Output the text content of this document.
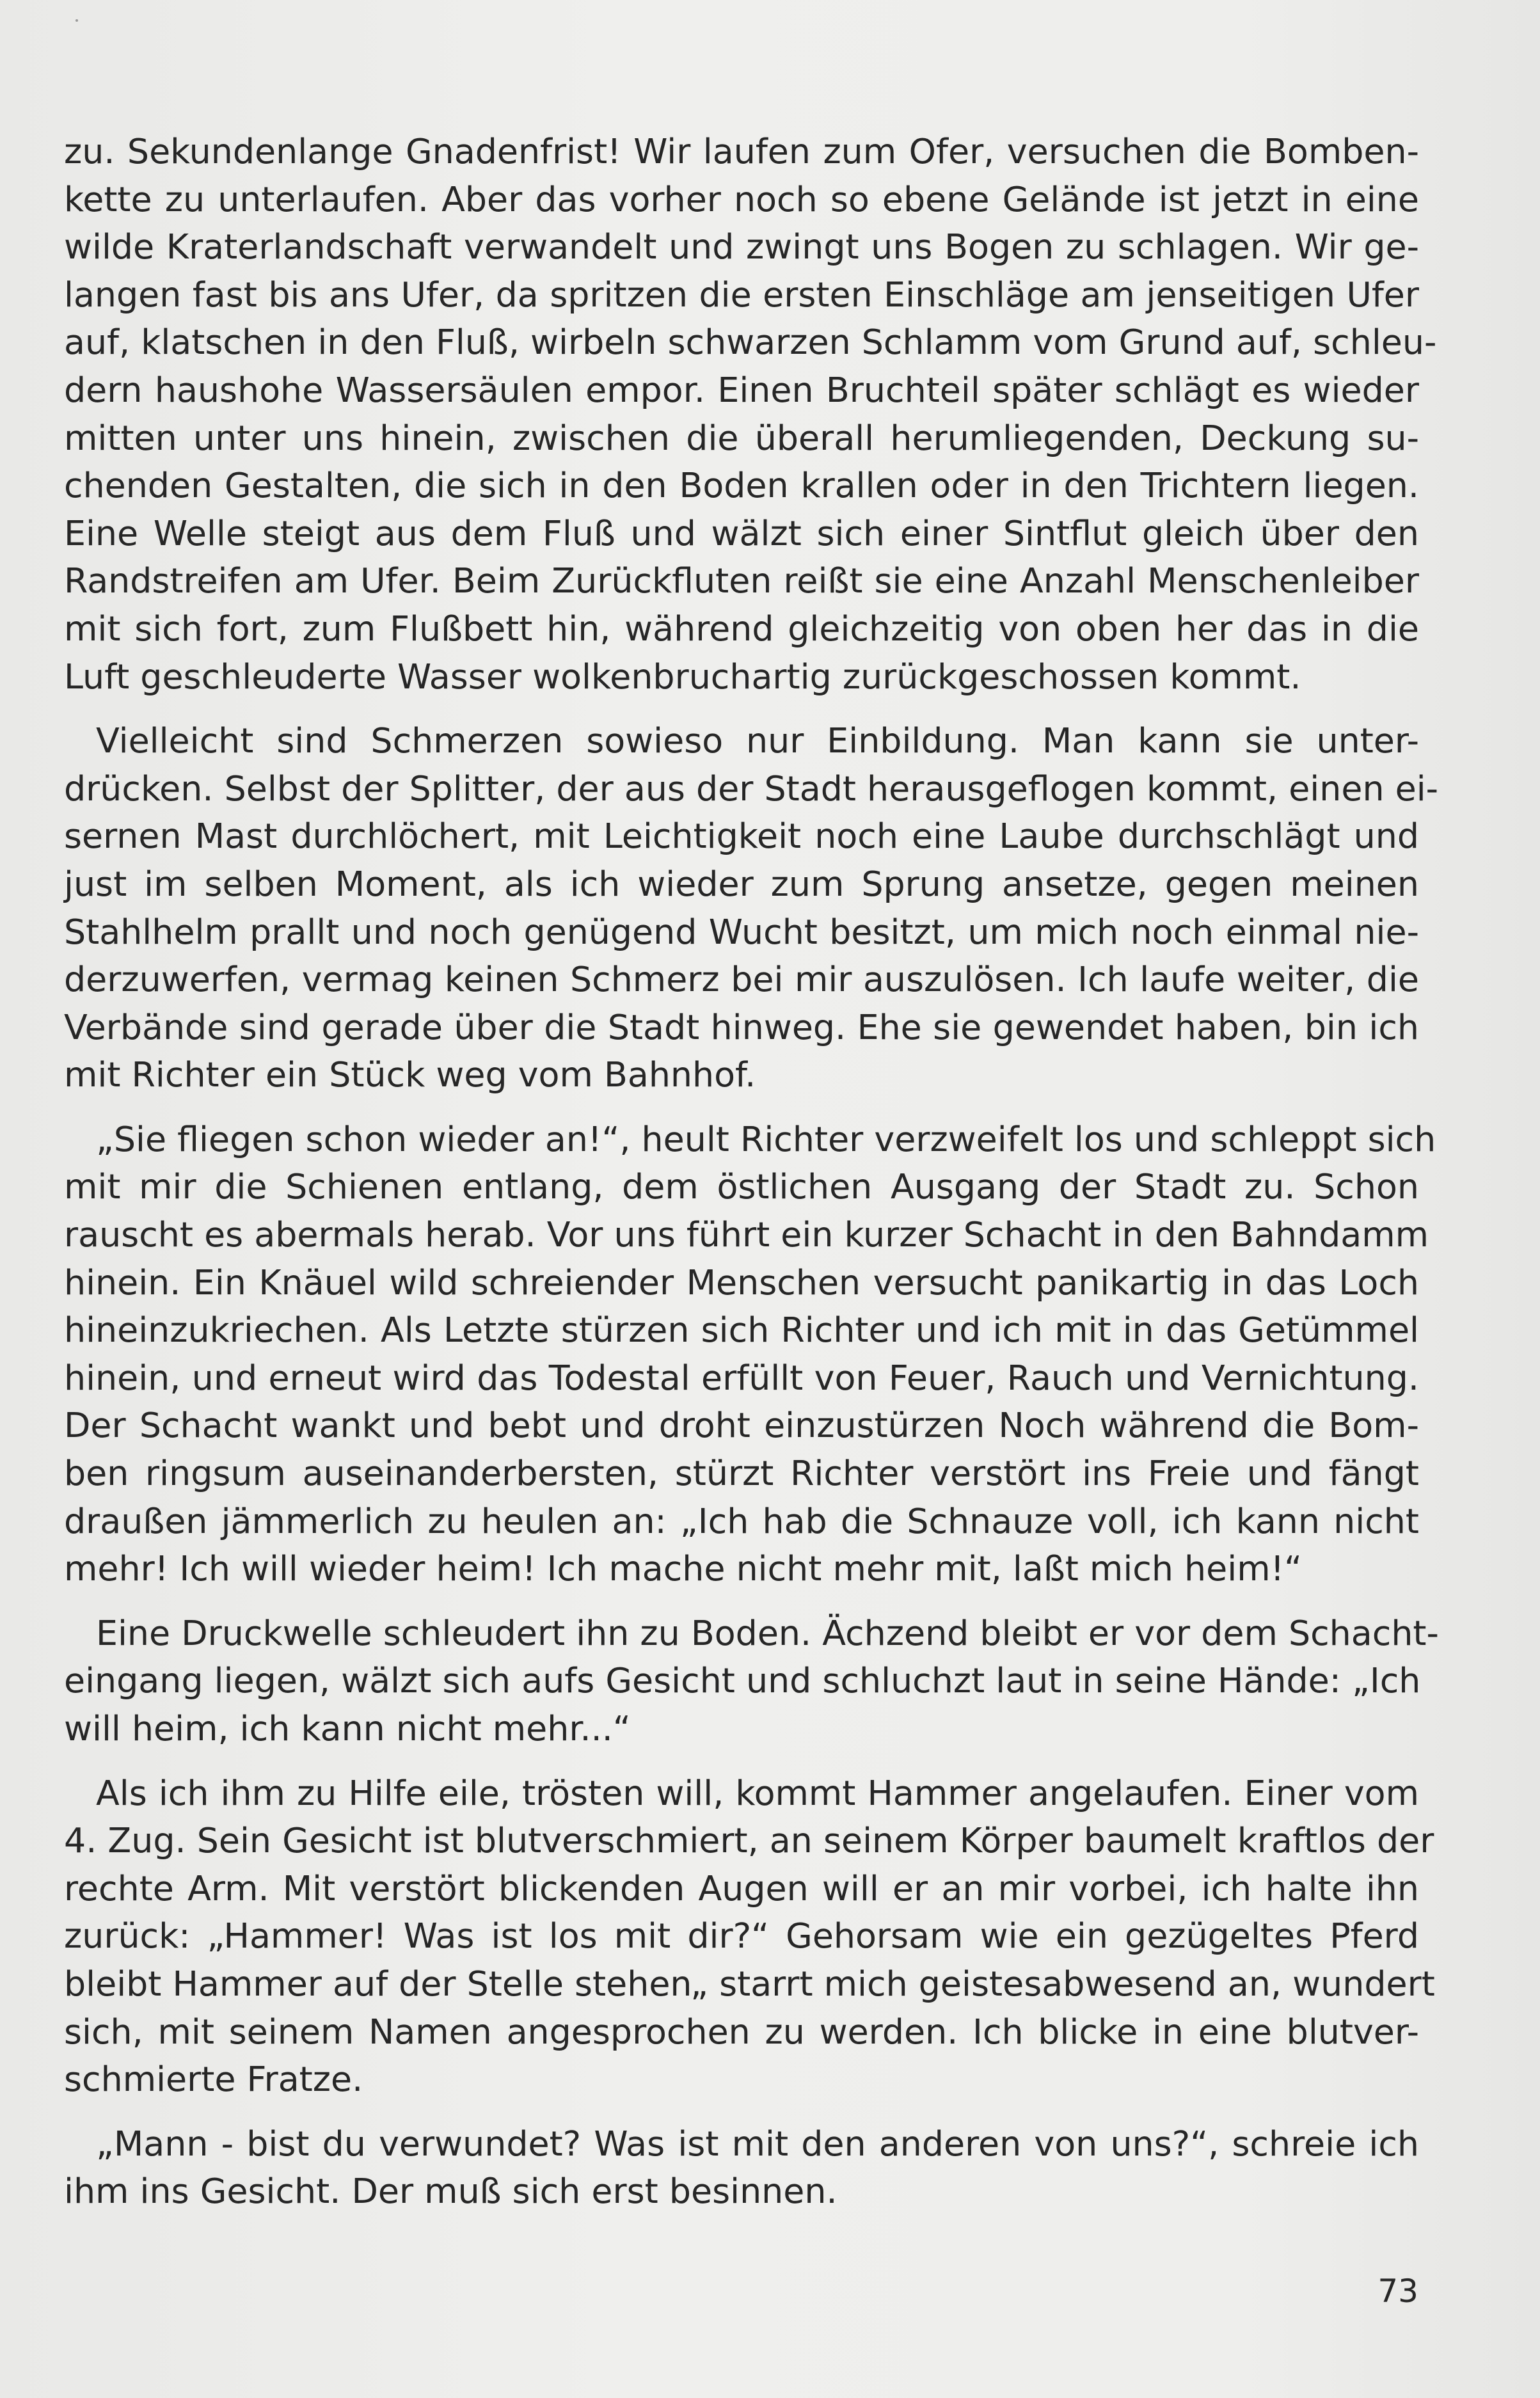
zu. Sekundenlange Gnadenfrist! Wir laufen zum Ofer, versuchen die Bomben-
kette zu unterlaufen. Aber das vorher noch so ebene Gelände ist jetzt in eine
wilde Kraterlandschaft verwandelt und zwingt uns Bogen zu schlagen. Wir ge-
langen fast bis ans Ufer, da spritzen die ersten Einschläge am jenseitigen Ufer
auf, klatschen in den Fluß, wirbeln schwarzen Schlamm vom Grund auf, schleu-
dern haushohe Wassersäulen empor. Einen Bruchteil später schlägt es wieder
mitten unter uns hinein, zwischen die überall herumliegenden, Deckung su-
chenden Gestalten, die sich in den Boden krallen oder in den Trichtern liegen.
Eine Welle steigt aus dem Fluß und wälzt sich einer Sintflut gleich über den
Randstreifen am Ufer. Beim Zurückfluten reißt sie eine Anzahl Menschenleiber
mit sich fort, zum Flußbett hin, während gleichzeitig von oben her das in die
Luft geschleuderte Wasser wolkenbruchartig zurückgeschossen kommt.
Vielleicht sind Schmerzen sowieso nur Einbildung. Man kann sie unter-
drücken. Selbst der Splitter, der aus der Stadt herausgeflogen kommt, einen ei-
sernen Mast durchlöchert, mit Leichtigkeit noch eine Laube durchschlägt und
just im selben Moment, als ich wieder zum Sprung ansetze, gegen meinen
Stahlhelm prallt und noch genügend Wucht besitzt, um mich noch einmal nie-
derzuwerfen, vermag keinen Schmerz bei mir auszulösen. Ich laufe weiter, die
Verbände sind gerade über die Stadt hinweg. Ehe sie gewendet haben, bin ich
mit Richter ein Stück weg vom Bahnhof.
„Sie fliegen schon wieder an!“, heult Richter verzweifelt los und schleppt sich
mit mir die Schienen entlang, dem östlichen Ausgang der Stadt zu. Schon
rauscht es abermals herab. Vor uns führt ein kurzer Schacht in den Bahndamm
hinein. Ein Knäuel wild schreiender Menschen versucht panikartig in das Loch
hineinzukriechen. Als Letzte stürzen sich Richter und ich mit in das Getümmel
hinein, und erneut wird das Todestal erfüllt von Feuer, Rauch und Vernichtung.
Der Schacht wankt und bebt und droht einzustürzen Noch während die Bom-
ben ringsum auseinanderbersten, stürzt Richter verstört ins Freie und fängt
draußen jämmerlich zu heulen an: „Ich hab die Schnauze voll, ich kann nicht
mehr! Ich will wieder heim! Ich mache nicht mehr mit, laßt mich heim!“
Eine Druckwelle schleudert ihn zu Boden. Ächzend bleibt er vor dem Schacht-
eingang liegen, wälzt sich aufs Gesicht und schluchzt laut in seine Hände: „Ich
will heim, ich kann nicht mehr...“
Als ich ihm zu Hilfe eile, trösten will, kommt Hammer angelaufen. Einer vom
4. Zug. Sein Gesicht ist blutverschmiert, an seinem Körper baumelt kraftlos der
rechte Arm. Mit verstört blickenden Augen will er an mir vorbei, ich halte ihn
zurück: „Hammer! Was ist los mit dir?“ Gehorsam wie ein gezügeltes Pferd
bleibt Hammer auf der Stelle stehen„ starrt mich geistesabwesend an, wundert
sich, mit seinem Namen angesprochen zu werden. Ich blicke in eine blutver-
schmierte Fratze.
„Mann - bist du verwundet? Was ist mit den anderen von uns?“, schreie ich
ihm ins Gesicht. Der muß sich erst besinnen.
73
